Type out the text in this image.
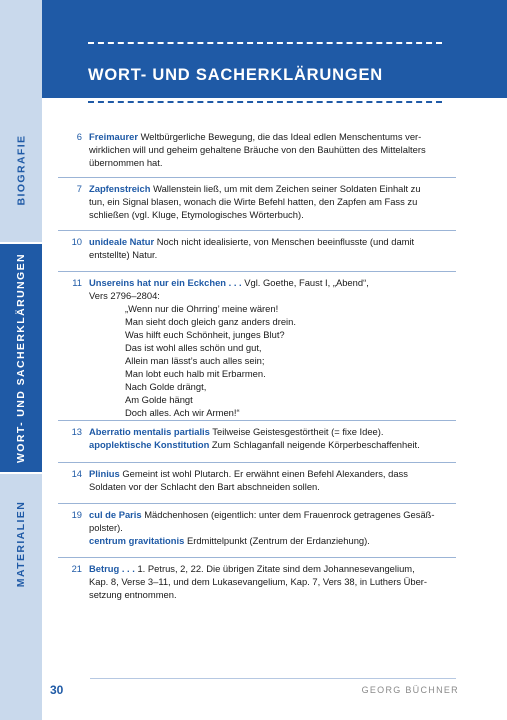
BIOGRAFIE
WORT- UND SACHERKLÄRUNGEN
MATERIALIEN
WORT- UND SACHERKLÄRUNGEN
6 Freimaurer Weltbürgerliche Bewegung, die das Ideal edlen Menschentums ver-
wirklichen will und geheim gehaltene Bräuche von den Bauhütten des Mittelalters
übernommen hat.
7 Zapfenstreich Wallenstein ließ, um mit dem Zeichen seiner Soldaten Einhalt zu
tun, ein Signal blasen, wonach die Wirte Befehl hatten, den Zapfen am Fass zu
schließen (vgl. Kluge, Etymologisches Wörterbuch).
10 unideale Natur Noch nicht idealisierte, von Menschen beeinflusste (und damit
entstellte) Natur.
11 Unsereins hat nur ein Eckchen . . . Vgl. Goethe, Faust I, „Abend“,
Vers 2796–2804:
„Wenn nur die Ohrring’ meine wären!
Man sieht doch gleich ganz anders drein.
Was hilft euch Schönheit, junges Blut?
Das ist wohl alles schön und gut,
Allein man lässt’s auch alles sein;
Man lobt euch halb mit Erbarmen.
Nach Golde drängt,
Am Golde hängt
Doch alles. Ach wir Armen!“
13 Aberratio mentalis partialis Teilweise Geistesgestörtheit (= fixe Idee).
apoplektische Konstitution Zum Schlaganfall neigende Körperbeschaffenheit.
14 Plinius Gemeint ist wohl Plutarch. Er erwähnt einen Befehl Alexanders, dass
Soldaten vor der Schlacht den Bart abschneiden sollen.
19 cul de Paris Mädchenhosen (eigentlich: unter dem Frauenrock getragenes Gesäß-
polster).
centrum gravitationis Erdmittelpunkt (Zentrum der Erdanziehung).
21 Betrug . . . 1. Petrus, 2, 22. Die übrigen Zitate sind dem Johannesevangelium,
Kap. 8, Verse 3–11, und dem Lukasevangelium, Kap. 7, Vers 38, in Luthers Über-
setzung entnommen.
30	GEORG BÜCHNER
